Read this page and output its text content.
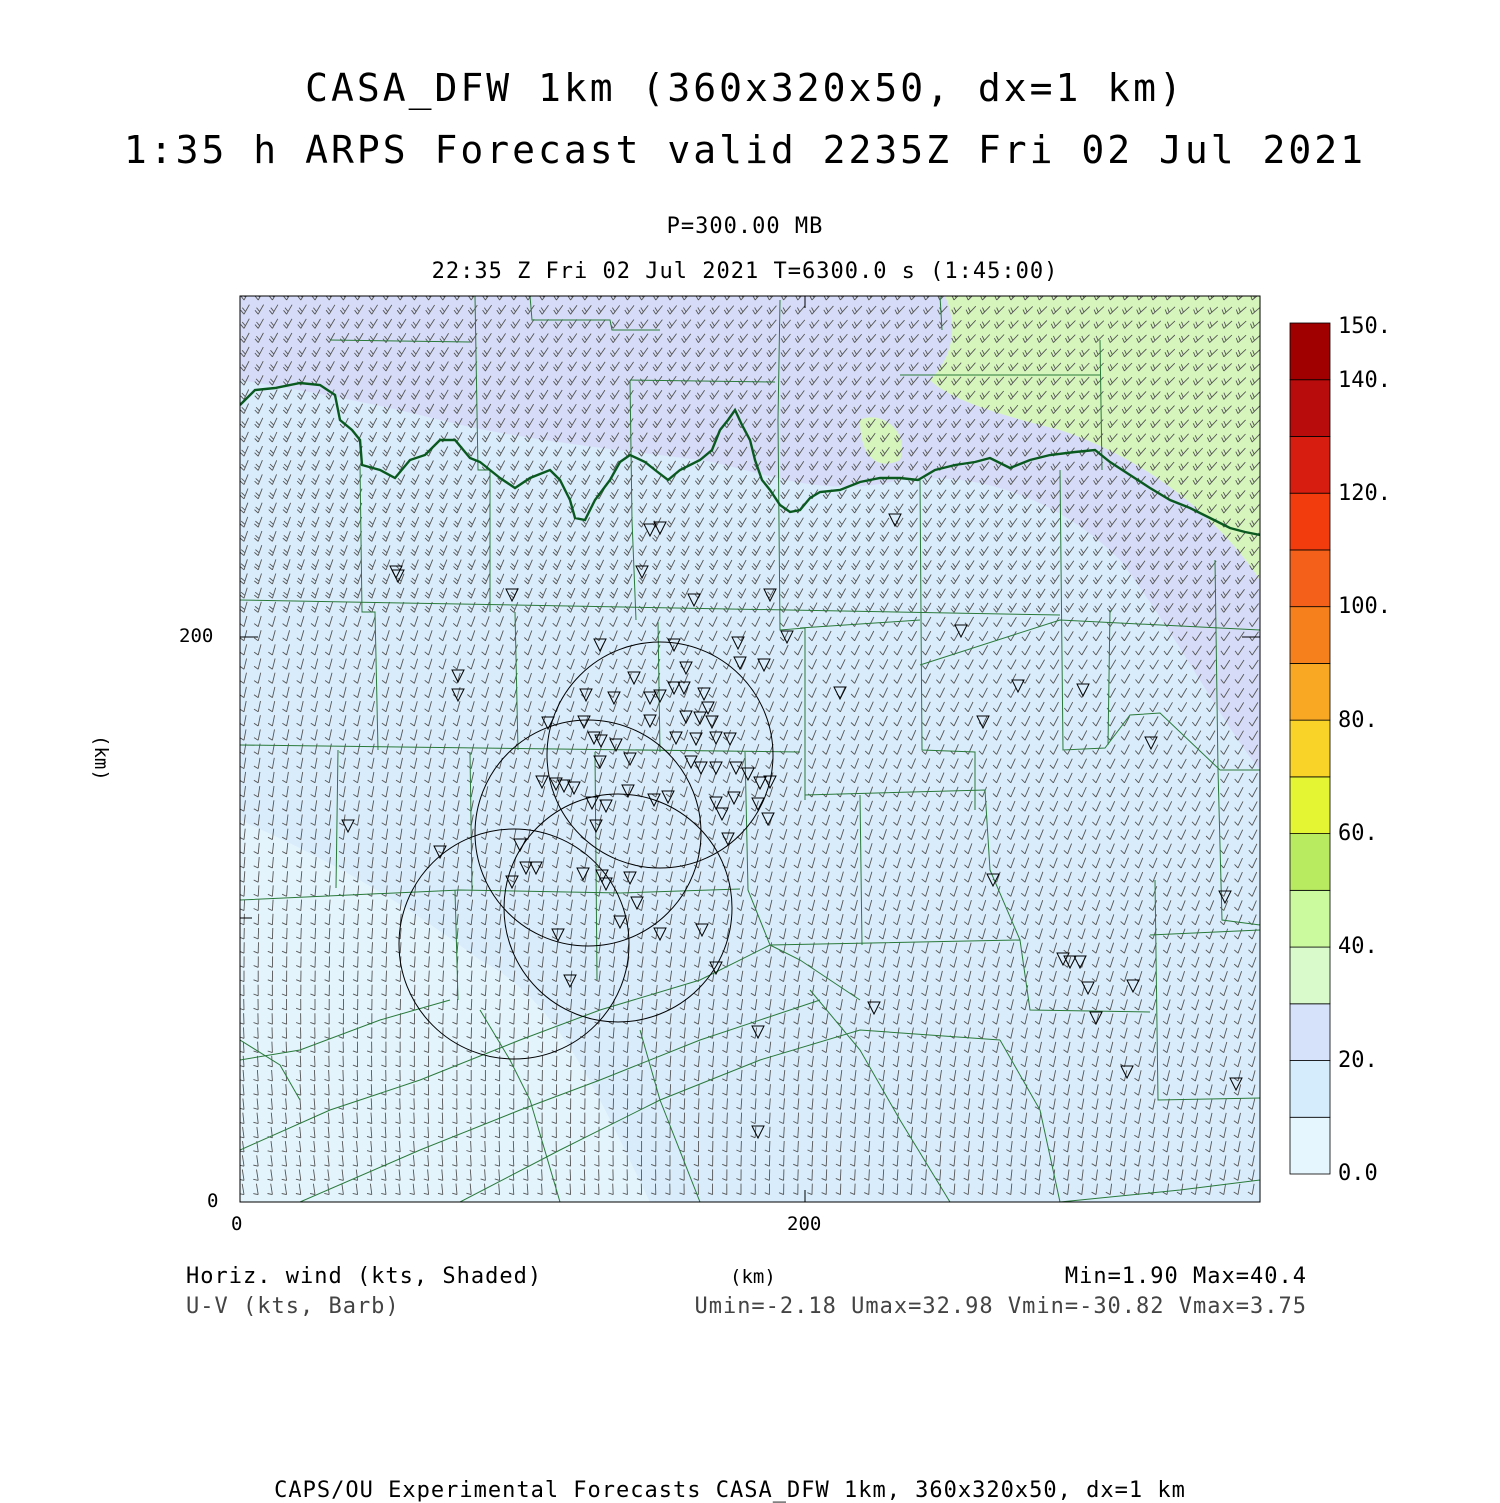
CASA_DFW 1km (360x320x50, dx=1 km)
1:35 h ARPS Forecast valid 2235Z Fri 02 Jul 2021
P=300.00 MB
22:35 Z Fri 02 Jul 2021 T=6300.0 s (1:45:00)
0	200
0
200
(km)
Horiz. wind (kts, Shaded)
U-V (kts, Barb)
(km)	Min=1.90 Max=40.4
Umin=-2.18 Umax=32.98 Vmin=-30.82 Vmax=3.75
CAPS/OU Experimental Forecasts CASA_DFW 1km, 360x320x50, dx=1 km
0.0
20.
40.
60.
80.
100.
120.
140.
150.
